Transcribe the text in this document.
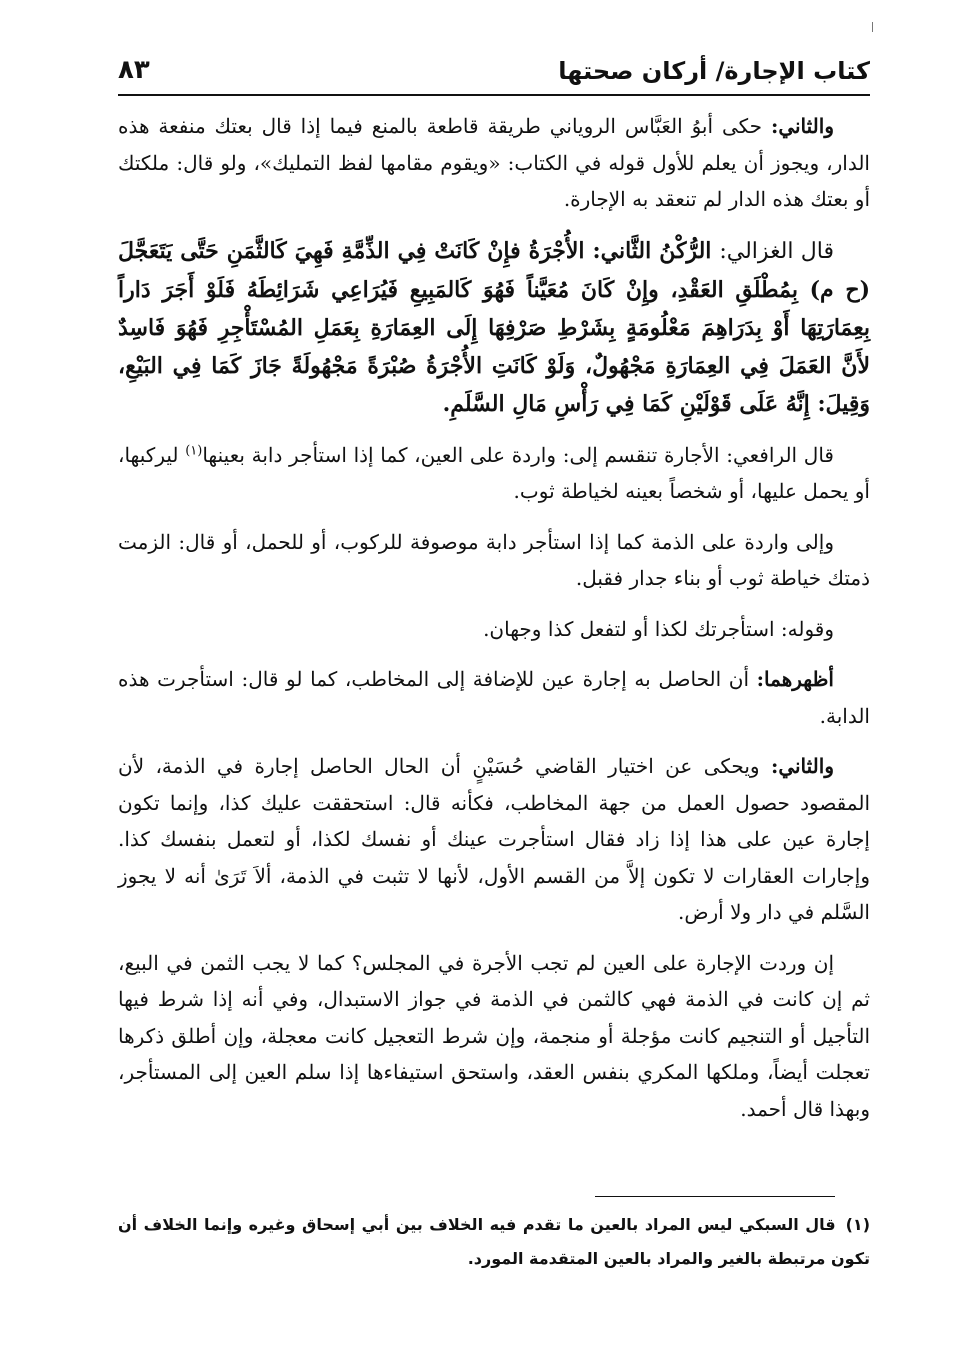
كتاب الإجارة/ أركان صحتها
٨٣

والثاني: حكى أبوُ العَبَّاس الروياني طريقة قاطعة بالمنع فيما إذا قال بعتك منفعة هذه الدار، ويجوز أن يعلم للأول قوله في الكتاب: «ويقوم مقامها لفظ التمليك»، ولو قال: ملكتك أو بعتك هذه الدار لم تنعقد به الإجارة.

قال الغزالي: الرُّكْنُ الثَّاني: الأُجْرَةُ فإِنْ كَانَتْ فِي الذِّمَّةِ فَهِيَ كَالثَّمَنِ حَتَّى يَتَعَجَّلَ (ح م) بِمُطْلَقِ العَقْدِ، وإِنْ كَانَ مُعَيَّناً فَهُوَ كَالمَبِيعِ فَيُرَاعِي شَرَائِطَهُ فَلَوْ أَجَرَ دَاراً بِعِمَارَتِهَا أَوْ بِدَرَاهِمَ مَعْلُومَةٍ بِشَرْطِ صَرْفِهَا إِلَى العِمَارَةِ بِعَمَلِ المُسْتَأْجِرِ فَهُوَ فَاسِدٌ لأَنَّ العَمَلَ فِي العِمَارَةِ مَجْهُولٌ، وَلَوْ كَانَتِ الأُجْرَةُ صُبْرَةً مَجْهُولَةً جَازَ كَمَا فِي البَيْعِ، وَقِيلَ: إِنَّهُ عَلَى قَوْلَيْنِ كَمَا فِي رَأْسِ مَالِ السَّلَمِ.

قال الرافعي: الأجارة تنقسم إلى: واردة على العين، كما إذا استأجر دابة بعينها$^{(١)}$ ليركبها، أو يحمل عليها، أو شخصاً بعينه لخياطة ثوب.

وإلى واردة على الذمة كما إذا استأجر دابة موصوفة للركوب، أو للحمل، أو قال: الزمت ذمتك خياطة ثوب أو بناء جدار فقبل.

وقوله: استأجرتك لكذا أو لتفعل كذا وجهان.

أظهرهما: أن الحاصل به إجارة عين للإضافة إلى المخاطب، كما لو قال: استأجرت هذه الدابة.

والثاني: ويحكى عن اختيار القاضي حُسَيْنٍ أن الحال الحاصل إجارة في الذمة، لأن المقصود حصول العمل من جهة المخاطب، فكأنه قال: استحققت عليك كذا، وإنما تكون إجارة عين على هذا إذا زاد فقال استأجرت عينك أو نفسك لكذا، أو لتعمل بنفسك كذا. وإجارات العقارات لا تكون إلاَّ من القسم الأول، لأنها لا تثبت في الذمة، ألاَ تَرَىٰ أنه لا يجوز السَّلم في دار ولا أرض.

إن وردت الإجارة على العين لم تجب الأجرة في المجلس؟ كما لا يجب الثمن في البيع، ثم إن كانت في الذمة فهي كالثمن في الذمة في جواز الاستبدال، وفي أنه إذا شرط فيها التأجيل أو التنجيم كانت مؤجلة أو منجمة، وإن شرط التعجيل كانت معجلة، وإن أطلق ذكرها تعجلت أيضاً، وملكها المكري بنفس العقد، واستحق استيفاءها إذا سلم العين إلى المستأجر، وبهذا قال أحمد.

(١)قال السبكي ليس المراد بالعين ما تقدم فيه الخلاف بين أبي إسحاق وغيره وإنما الخلاف أن تكون مرتبطة بالغير والمراد بالعين المتقدمة المورد.
